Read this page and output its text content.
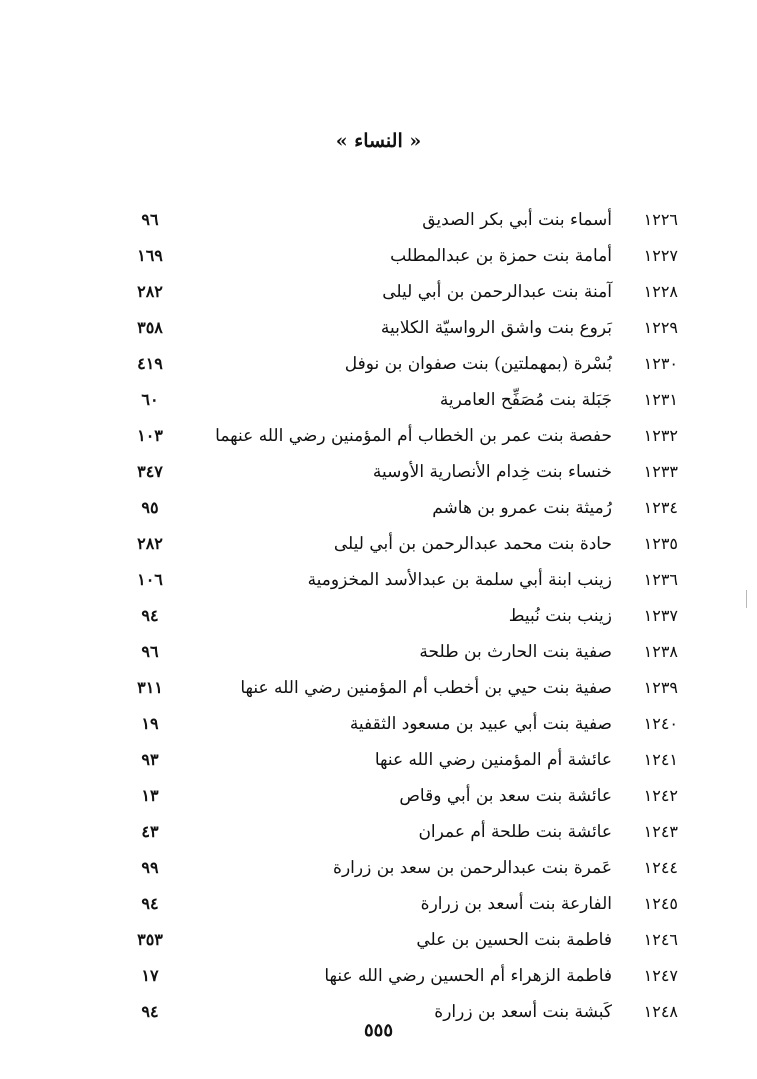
« النساء »
١٢٢٦
أسماء بنت أبي بكر الصديق
٩٦
١٢٢٧
أمامة بنت حمزة بن عبدالمطلب
١٦٩
١٢٢٨
آمنة بنت عبدالرحمن بن أبي ليلى
٢٨٢
١٢٢٩
بَروع بنت واشق الرواسيّة الكلابية
٣٥٨
١٢٣٠
بُسْرة (بمهملتين) بنت صفوان بن نوفل
٤١٩
١٢٣١
جَبَلة بنت مُصَفِّح العامرية
٦٠
١٢٣٢
حفصة بنت عمر بن الخطاب أم المؤمنين رضي الله عنهما
١٠٣
١٢٣٣
خنساء بنت خِدام الأنصارية الأوسية
٣٤٧
١٢٣٤
رُميثة بنت عمرو بن هاشم
٩٥
١٢٣٥
حادة بنت محمد عبدالرحمن بن أبي ليلى
٢٨٢
١٢٣٦
زينب ابنة أبي سلمة بن عبدالأسد المخزومية
١٠٦
١٢٣٧
زينب بنت نُبيط
٩٤
١٢٣٨
صفية بنت الحارث بن طلحة
٩٦
١٢٣٩
صفية بنت حيي بن أخطب أم المؤمنين رضي الله عنها
٣١١
١٢٤٠
صفية بنت أبي عبيد بن مسعود الثقفية
١٩
١٢٤١
عائشة أم المؤمنين رضي الله عنها
٩٣
١٢٤٢
عائشة بنت سعد بن أبي وقاص
١٣
١٢٤٣
عائشة بنت طلحة أم عمران
٤٣
١٢٤٤
عَمرة بنت عبدالرحمن بن سعد بن زرارة
٩٩
١٢٤٥
الفارعة بنت أسعد بن زرارة
٩٤
١٢٤٦
فاطمة بنت الحسين بن علي
٣٥٣
١٢٤٧
فاطمة الزهراء أم الحسين رضي الله عنها
١٧
١٢٤٨
كَبشة بنت أسعد بن زرارة
٩٤
٥٥٥
